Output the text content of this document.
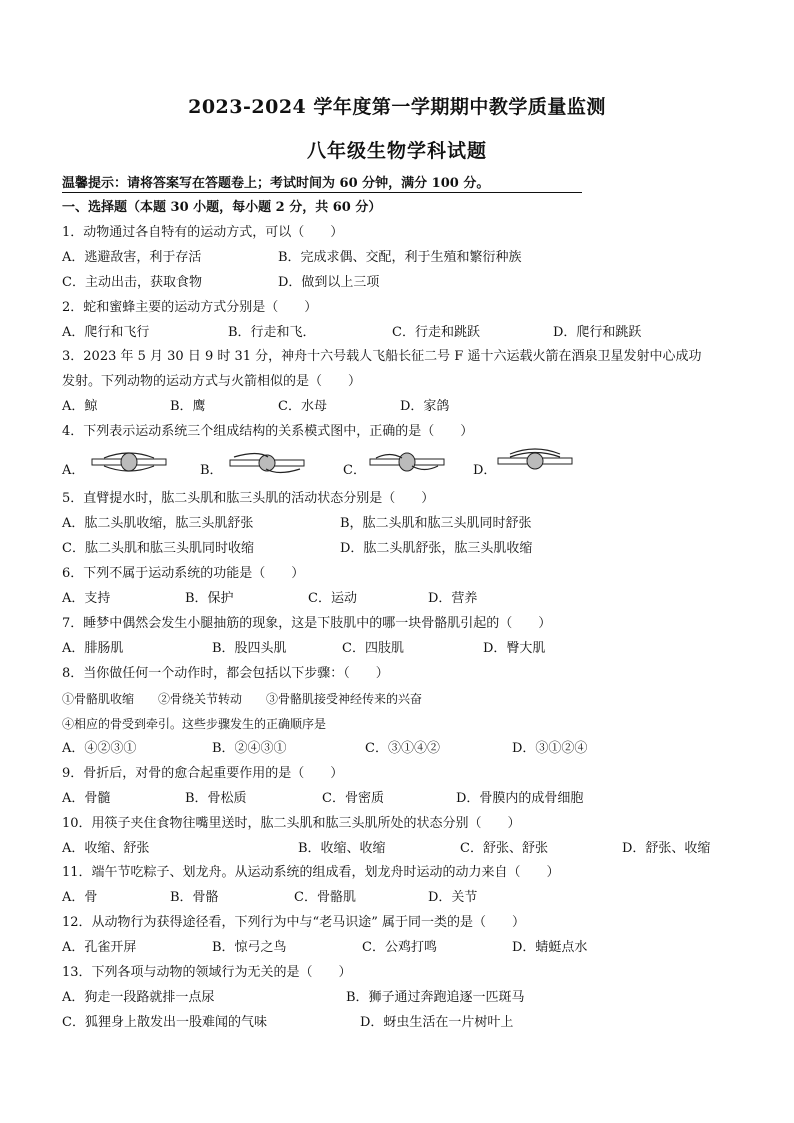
2023-2024 学年度第一学期期中教学质量监测
八年级生物学科试题
温馨提示：请将答案写在答题卷上；考试时间为 60 分钟，满分 100 分。
一、选择题（本题 30 小题，每小题 2 分，共 60 分）
1．动物通过各自特有的运动方式，可以（　　）
A．逃避敌害，利于存活	B．完成求偶、交配，利于生殖和繁衍种族
C．主动出击，获取食物	D．做到以上三项
2．蛇和蜜蜂主要的运动方式分别是（　　）
A．爬行和飞行	B．行走和飞．	C．行走和跳跃	D．爬行和跳跃
3．2023 年 5 月 30 日 9 时 31 分，神舟十六号载人飞船长征二号 F 遥十六运载火箭在酒泉卫星发射中心成功
发射。下列动物的运动方式与火箭相似的是（　　）
A．鲸	B．鹰	C．水母	D．家鸽
4．下列表示运动系统三个组成结构的关系模式图中，正确的是（　　）
A．	B．	C．	D．
5．直臂提水时，肱二头肌和肱三头肌的活动状态分别是（　　）
A．肱二头肌收缩，肱三头肌舒张	B，肱二头肌和肱三头肌同时舒张
C．肱二头肌和肱三头肌同时收缩	D．肱二头肌舒张，肱三头肌收缩
6．下列不属于运动系统的功能是（　　）
A．支持	B．保护	C．运动	D．营养
7．睡梦中偶然会发生小腿抽筋的现象，这是下肢肌中的哪一块骨骼肌引起的（　　）
A．腓肠肌	B．股四头肌	C．四肢肌	D．臀大肌
8．当你做任何一个动作时，都会包括以下步骤：（　　）
①骨骼肌收缩　　②骨绕关节转动　　③骨骼肌接受神经传来的兴奋
④相应的骨受到牵引。这些步骤发生的正确顺序是
A．④②③①	B．②④③①	C．③①④②	D．③①②④
9．骨折后，对骨的愈合起重要作用的是（　　）
A．骨髓	B．骨松质	C．骨密质	D．骨膜内的成骨细胞
10．用筷子夹住食物往嘴里送时，肱二头肌和肱三头肌所处的状态分别（　　）
A．收缩、舒张	B．收缩、收缩	C．舒张、舒张	D．舒张、收缩
11．端午节吃粽子、划龙舟。从运动系统的组成看，划龙舟时运动的动力来自（　　）
A．骨	B．骨骼	C．骨骼肌	D．关节
12．从动物行为获得途径看，下列行为中与“老马识途” 属于同一类的是（　　）
A．孔雀开屏	B．惊弓之鸟	C．公鸡打鸣	D．蜻蜓点水
13．下列各项与动物的领域行为无关的是（　　）
A．狗走一段路就排一点尿	B．狮子通过奔跑追逐一匹斑马
C．狐狸身上散发出一股难闻的气味	D．蚜虫生活在一片树叶上
